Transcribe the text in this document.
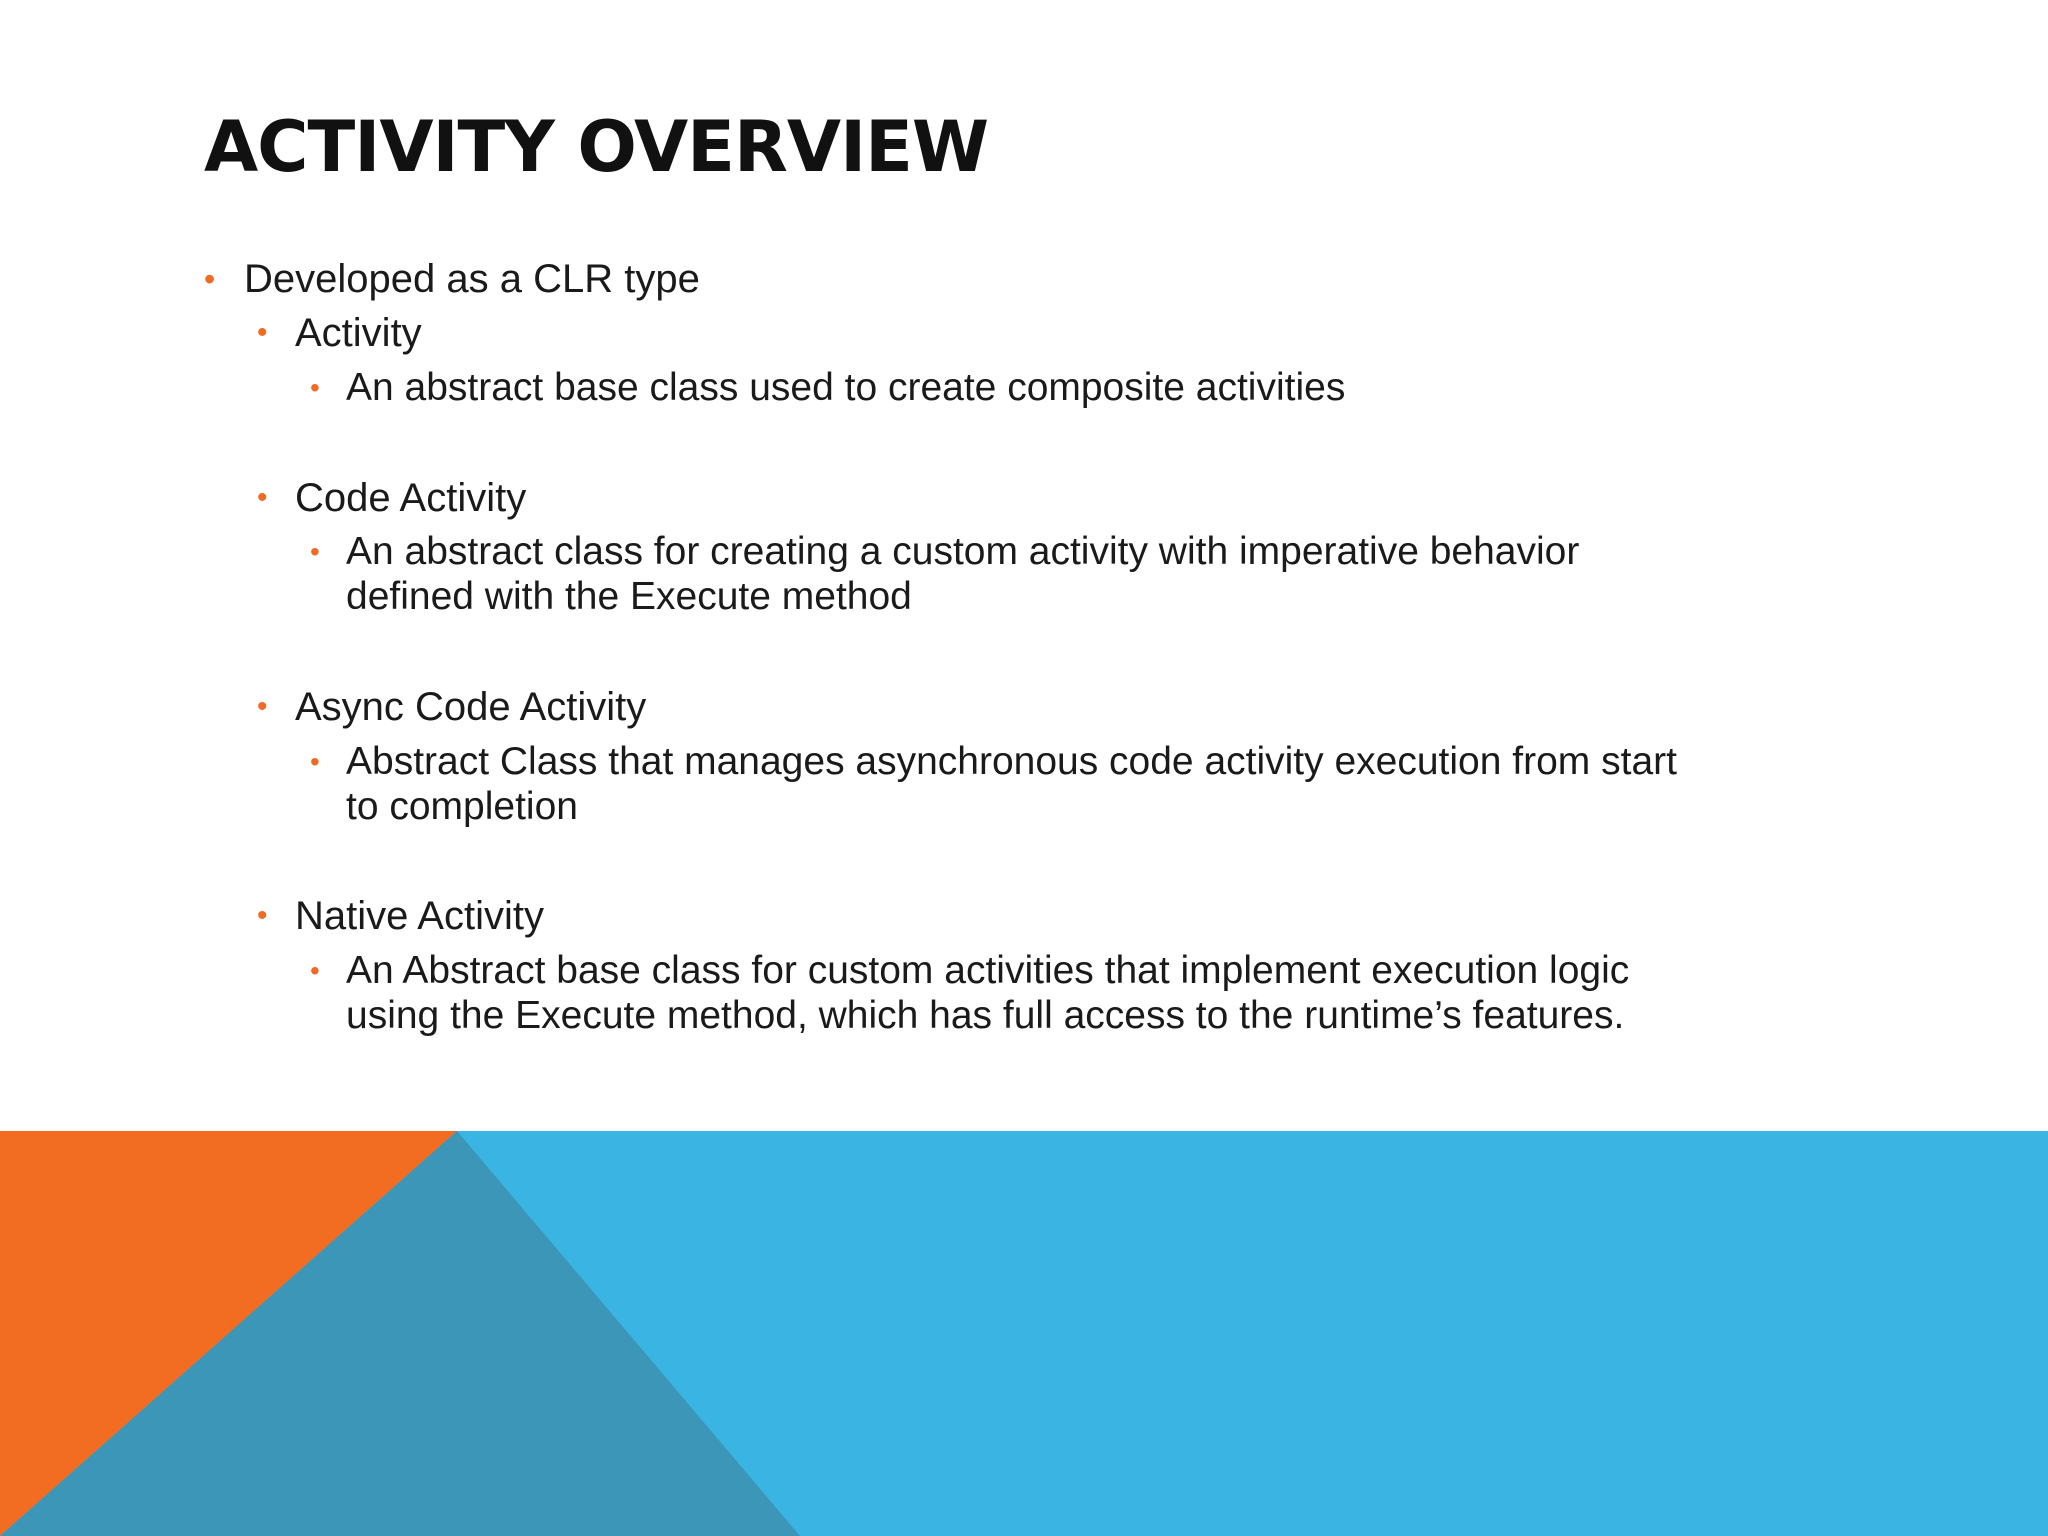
ACTIVITY OVERVIEW
• Developed as a CLR type
• Activity
• An abstract base class used to create composite activities
• Code Activity
• An abstract class for creating a custom activity with imperative behavior
defined with the Execute method
• Async Code Activity
• Abstract Class that manages asynchronous code activity execution from start
to completion
• Native Activity
• An Abstract base class for custom activities that implement execution logic
using the Execute method, which has full access to the runtime’s features.
